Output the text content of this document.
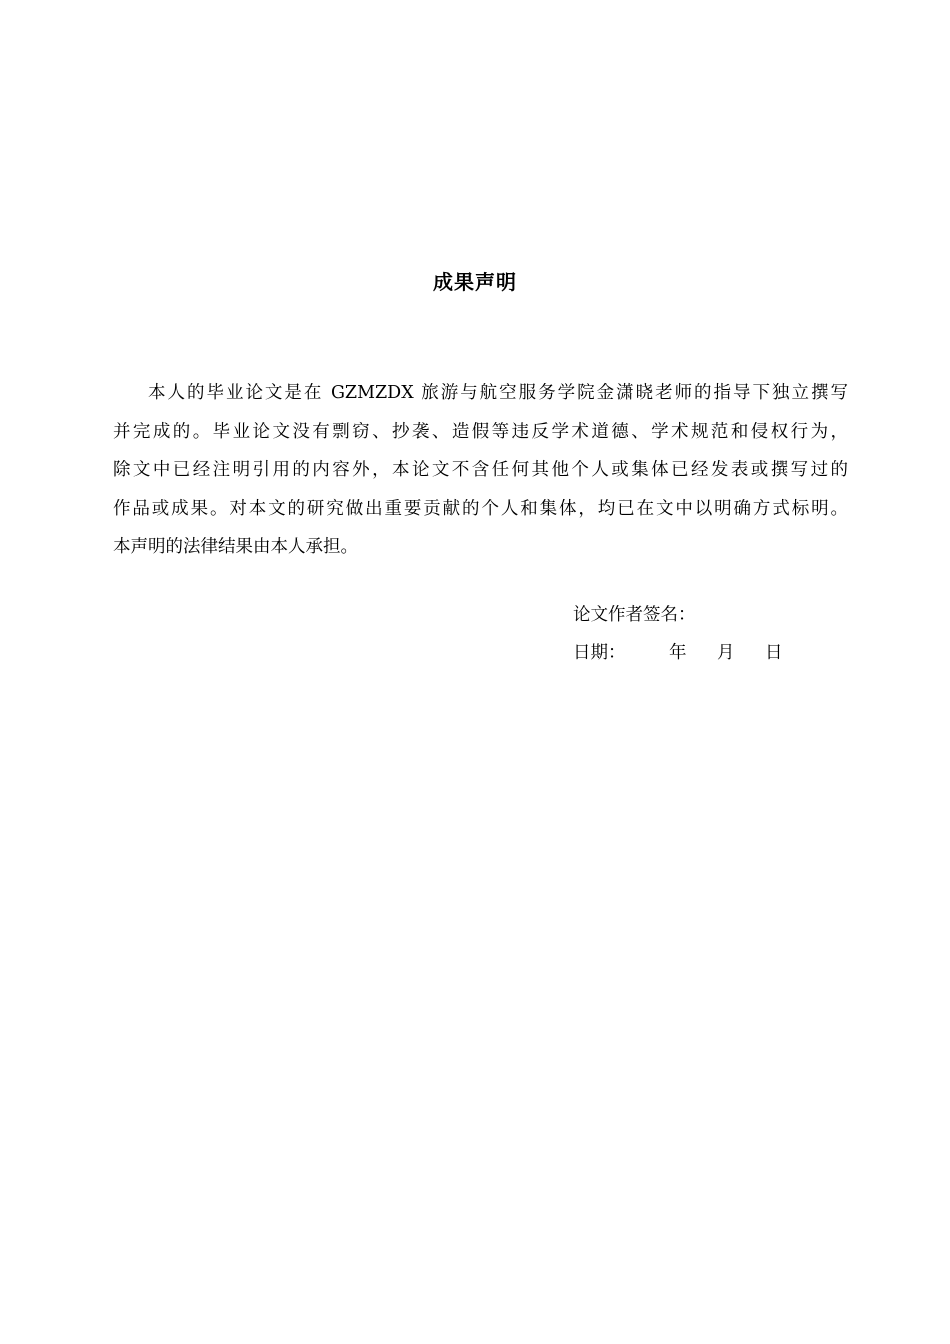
成果声明
本人的毕业论文是在 GZMZDX 旅游与航空服务学院金潇晓老师的指导下独立撰写
并完成的。毕业论文没有剽窃、抄袭、造假等违反学术道德、学术规范和侵权行为，
除文中已经注明引用的内容外，本论文不含任何其他个人或集体已经发表或撰写过的
作品或成果。对本文的研究做出重要贡献的个人和集体，均已在文中以明确方式标明。
本声明的法律结果由本人承担。
论文作者签名：
日期： 年 月 日
